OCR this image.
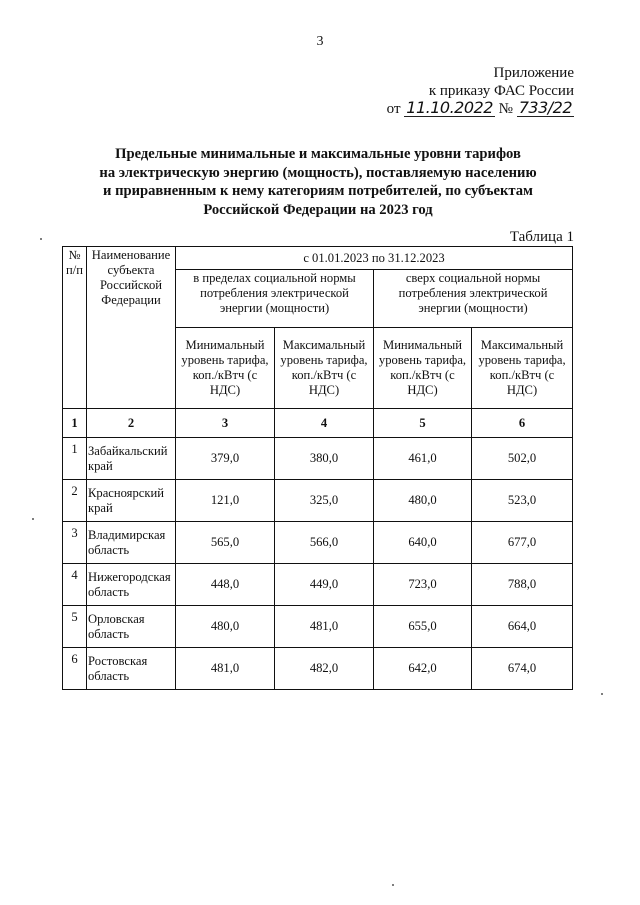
3
Приложение
к приказу ФАС России
от 11.10.2022 № 733/22
Предельные минимальные и максимальные уровни тарифов
на электрическую энергию (мощность), поставляемую населению
и приравненным к нему категориям потребителей, по субъектам
Российской Федерации на 2023 год
Таблица 1
№ п/п	Наименование субъекта Российской Федерации	с 01.01.2023 по 31.12.2023			
		в пределах социальной нормы потребления электрической энергии (мощности)		сверх социальной нормы потребления электрической энергии (мощности)	
		Минимальный уровень тарифа, коп./кВтч (с НДС)	Максимальный уровень тарифа, коп./кВтч (с НДС)	Минимальный уровень тарифа, коп./кВтч (с НДС)	Максимальный уровень тарифа, коп./кВтч (с НДС)
1	2	3	4	5	6
1	Забайкальский край	379,0	380,0	461,0	502,0
2	Красноярский край	121,0	325,0	480,0	523,0
3	Владимирская область	565,0	566,0	640,0	677,0
4	Нижегородская область	448,0	449,0	723,0	788,0
5	Орловская область	480,0	481,0	655,0	664,0
6	Ростовская область	481,0	482,0	642,0	674,0
